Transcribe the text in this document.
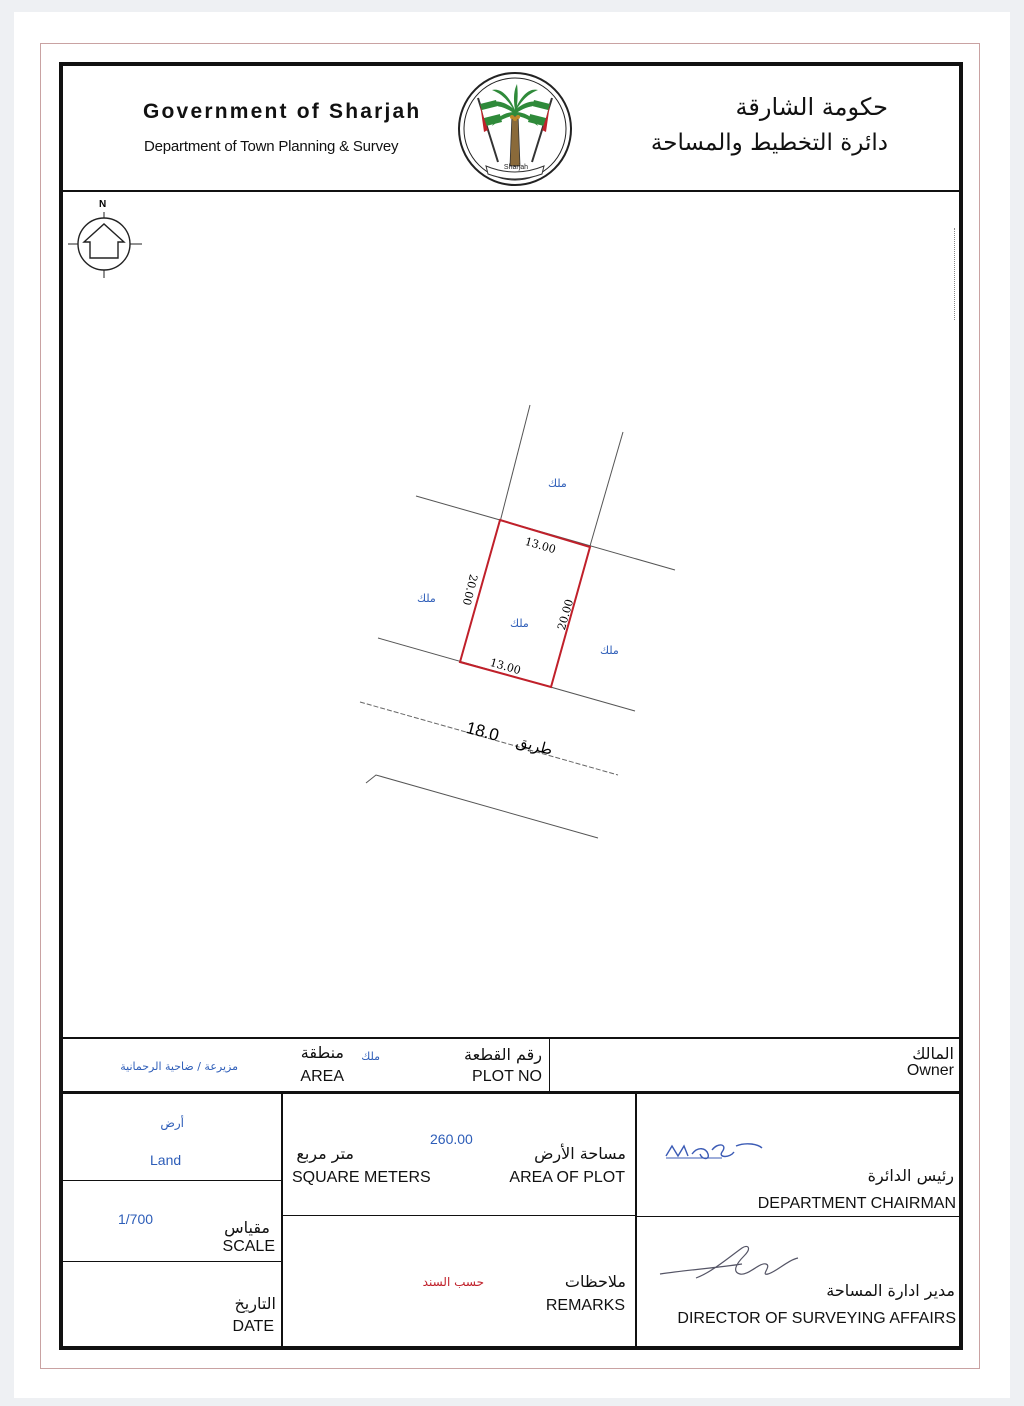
Government of Sharjah
Department of Town Planning & Survey
حكومة الشارقة
دائرة التخطيط والمساحة
Sharjah
N
ملك
ملك
ملك
ملك
13.00
13.00
20.00
20.00
18.0
طريق
المالك
Owner
رقم القطعة
PLOT NO
ملك
منطقة
AREA
مزيرعة / ضاحية الرحمانية
أرض
Land
1/700	مقياس
SCALE
التاريخ
DATE
260.00
متر مربع
SQUARE METERS
مساحة الأرض
AREA OF PLOT
حسب السند	ملاحظات
REMARKS
رئيس الدائرة
DEPARTMENT CHAIRMAN
مدير ادارة المساحة
DIRECTOR OF SURVEYING AFFAIRS
